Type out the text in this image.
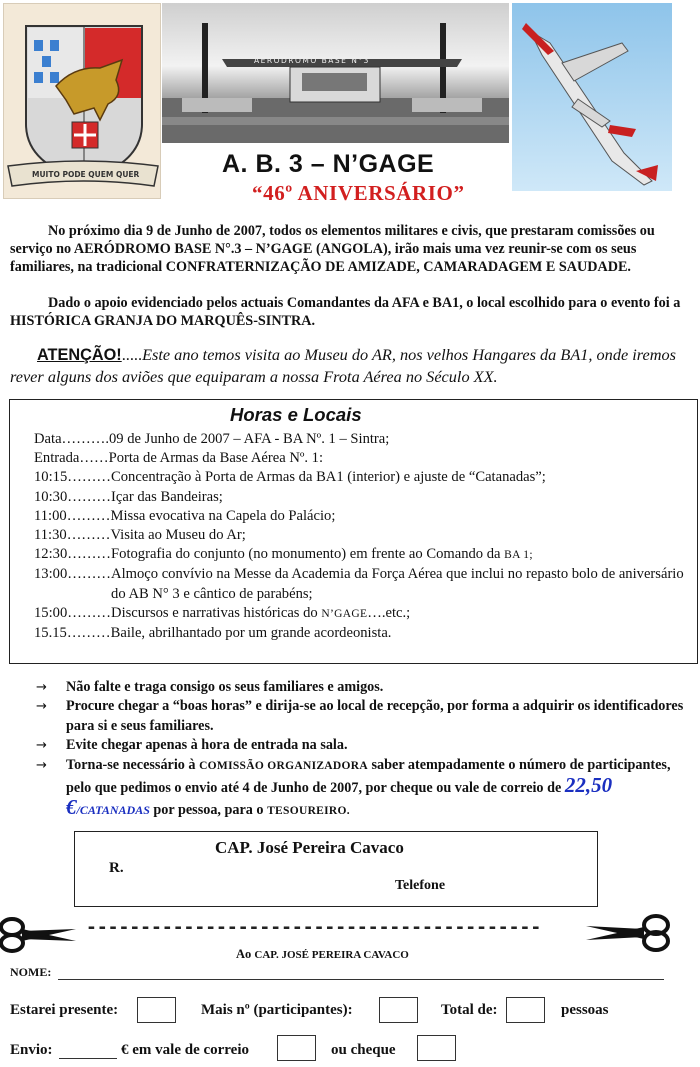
MUITO PODE QUEM QUER
AERÓDROMO BASE N°3
A. B. 3 – N’GAGE
“46º ANIVERSÁRIO”
No próximo dia 9 de Junho de 2007, todos os elementos militares e civis, que prestaram comissões ou serviço no AERÓDROMO BASE N°.3 – N’GAGE (ANGOLA), irão mais uma vez reunir-se com os seus familiares, na tradicional CONFRATERNIZAÇÃO DE AMIZADE, CAMARADAGEM E SAUDADE.
Dado o apoio evidenciado pelos actuais Comandantes da AFA e BA1, o local escolhido para o evento foi a HISTÓRICA GRANJA DO MARQUÊS-SINTRA.
ATENÇÃO!.....Este ano temos visita ao Museu do AR, nos velhos Hangares da BA1, onde iremos rever alguns dos aviões que equiparam a nossa Frota Aérea no Século XX.
Horas e Locais
Data………. 09 de Junho de 2007 – AFA - BA Nº. 1 – Sintra;
Entrada…… Porta de Armas da Base Aérea Nº. 1:
10:15……… Concentração à Porta de Armas da BA1 (interior) e ajuste de “Catanadas”;
10:30……… Içar das Bandeiras;
11:00……… Missa evocativa na Capela do Palácio;
11:30……… Visita ao Museu do Ar;
12:30……… Fotografia do conjunto (no monumento) em frente ao Comando da BA 1;
13:00……… Almoço convívio na Messe da Academia da Força Aérea que inclui no repasto bolo de aniversário do AB N° 3 e cântico de parabéns;
15:00……… Discursos e narrativas históricas do N’GAGE….etc.;
15.15……… Baile, abrilhantado por um grande acordeonista.
→	Não falte e traga consigo os seus familiares e amigos.
→	Procure chegar a “boas horas” e dirija-se ao local de recepção, por forma a adquirir os identificadores para si e seus familiares.
→	Evite chegar apenas à hora de entrada na sala.
→	Torna-se necessário à COMISSÃO ORGANIZADORA saber atempadamente o número de participantes, pelo que pedimos o envio até 4 de Junho de 2007, por cheque ou vale de correio de 22,50 €/CATANADAS por pessoa, para o TESOUREIRO.
CAP. José Pereira Cavaco
R.
Telefone
------------------------------------------
Ao CAP. JOSÉ PEREIRA CAVACO
NOME:
Estarei presente:	Mais nº (participantes):	Total de:	pessoas
Envio:	€ em vale de correio	ou cheque
